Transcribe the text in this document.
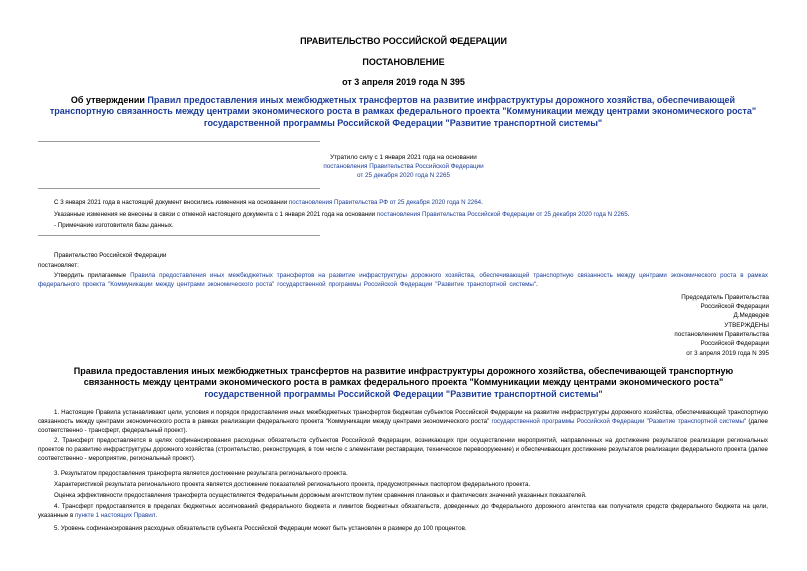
ПРАВИТЕЛЬСТВО РОССИЙСКОЙ ФЕДЕРАЦИИ
ПОСТАНОВЛЕНИЕ
от 3 апреля 2019 года N 395
Об утверждении Правил предоставления иных межбюджетных трансфертов на развитие инфраструктуры дорожного хозяйства, обеспечивающей транспортную связанность между центрами экономического роста в рамках федерального проекта "Коммуникации между центрами экономического роста" государственной программы Российской Федерации "Развитие транспортной системы"
Утратило силу с 1 января 2021 года на основании
постановления Правительства Российской Федерации
от 25 декабря 2020 года N 2265
С 3 января 2021 года в настоящий документ вносились изменения на основании постановления Правительства РФ от 25 декабря 2020 года N 2264.
Указанные изменения не внесены в связи с отменой настоящего документа с 1 января 2021 года на основании постановления Правительства Российской Федерации от 25 декабря 2020 года N 2265.
- Примечание изготовителя базы данных.
Правительство Российской Федерации
постановляет:
Утвердить прилагаемые Правила предоставления иных межбюджетных трансфертов на развитие инфраструктуры дорожного хозяйства, обеспечивающей транспортную связанность между центрами экономического роста в рамках федерального проекта "Коммуникации между центрами экономического роста" государственной программы Российской Федерации "Развитие транспортной системы".
Председатель Правительства
Российской Федерации
Д.Медведев
УТВЕРЖДЕНЫ
постановлением Правительства
Российской Федерации
от 3 апреля 2019 года N 395
Правила предоставления иных межбюджетных трансфертов на развитие инфраструктуры дорожного хозяйства, обеспечивающей транспортную связанность между центрами экономического роста в рамках федерального проекта "Коммуникации между центрами экономического роста" государственной программы Российской Федерации "Развитие транспортной системы"
1. Настоящие Правила устанавливают цели, условия и порядок предоставления иных межбюджетных трансфертов бюджетам субъектов Российской Федерации на развитие инфраструктуры дорожного хозяйства, обеспечивающей транспортную связанность между центрами экономического роста в рамках реализации федерального проекта "Коммуникации между центрами экономического роста" государственной программы Российской Федерации "Развитие транспортной системы" (далее соответственно - трансферт, федеральный проект).
2. Трансферт предоставляется в целях софинансирования расходных обязательств субъектов Российской Федерации, возникающих при осуществлении мероприятий, направленных на достижение результатов реализации региональных проектов по развитию инфраструктуры дорожного хозяйства (строительство, реконструкция, в том числе с элементами реставрации, техническое перевооружение) и обеспечивающих достижение результатов реализации федерального проекта (далее соответственно - мероприятие, региональный проект).
3. Результатом предоставления трансферта является достижение результата регионального проекта.
Характеристикой результата регионального проекта является достижение показателей регионального проекта, предусмотренных паспортом федерального проекта.
Оценка эффективности предоставления трансферта осуществляется Федеральным дорожным агентством путем сравнения плановых и фактических значений указанных показателей.
4. Трансферт предоставляется в пределах бюджетных ассигнований федерального бюджета и лимитов бюджетных обязательств, доведенных до Федерального дорожного агентства как получателя средств федерального бюджета на цели, указанные в пункте 1 настоящих Правил.
5. Уровень софинансирования расходных обязательств субъекта Российской Федерации может быть установлен в размере до 100 процентов.
